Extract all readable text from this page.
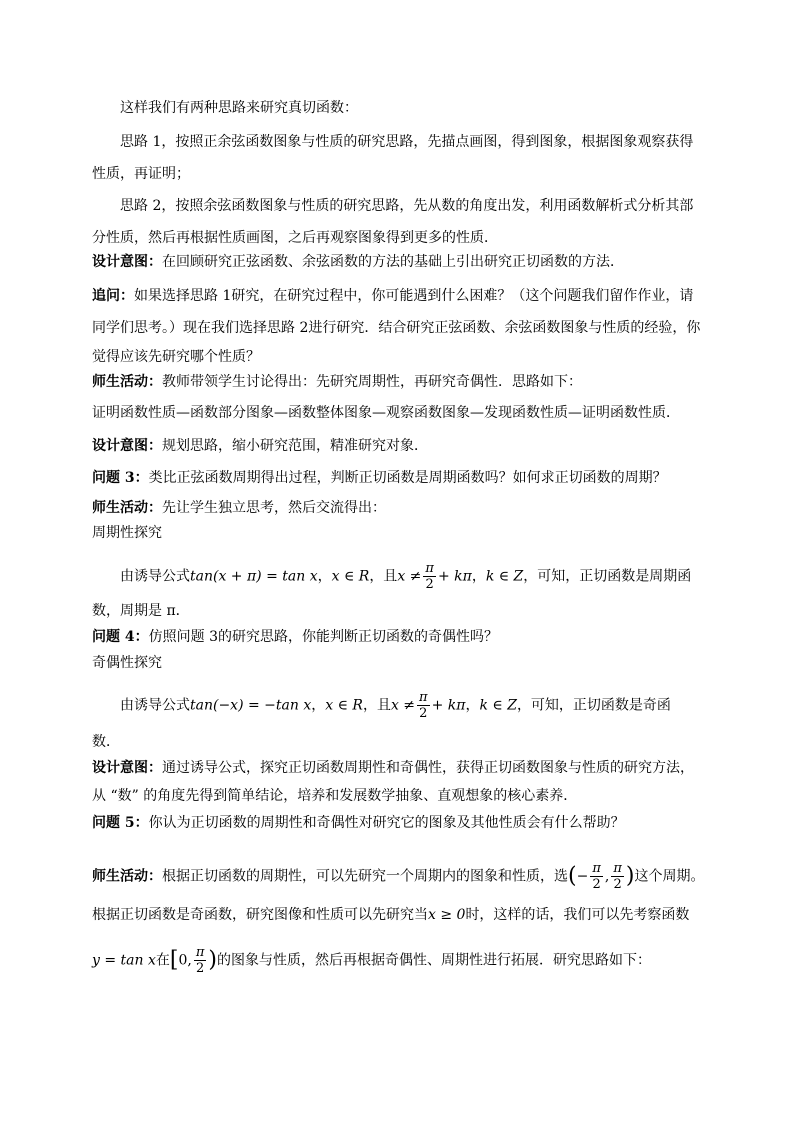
这样我们有两种思路来研究真切函数：
思路 1，按照正余弦函数图象与性质的研究思路，先描点画图，得到图象，根据图象观察获得
性质，再证明；
思路 2，按照余弦函数图象与性质的研究思路，先从数的角度出发，利用函数解析式分析其部
分性质，然后再根据性质画图，之后再观察图象得到更多的性质．
设计意图：在回顾研究正弦函数、余弦函数的方法的基础上引出研究正切函数的方法．
追问：如果选择思路 1研究，在研究过程中，你可能遇到什么困难？（这个问题我们留作作业，请
同学们思考。）现在我们选择思路 2进行研究．结合研究正弦函数、余弦函数图象与性质的经验，你
觉得应该先研究哪个性质？
师生活动：教师带领学生讨论得出：先研究周期性，再研究奇偶性．思路如下：
证明函数性质—函数部分图象—函数整体图象—观察函数图象—发现函数性质—证明函数性质．
设计意图：规划思路，缩小研究范围，精准研究对象．
问题 3：类比正弦函数周期得出过程，判断正切函数是周期函数吗？如何求正切函数的周期？
师生活动：先让学生独立思考，然后交流得出：
周期性探究
由诱导公式tan(x + π) = tan x，x ∈ R，且$x \ne \frac{\pi}{2} + k\pi$，k ∈ Z，可知，正切函数是周期函
数，周期是 π．
问题 4：仿照问题 3的研究思路，你能判断正切函数的奇偶性吗？
奇偶性探究
由诱导公式tan(−x) = −tan x，x ∈ R，且$x \ne \frac{\pi}{2} + k\pi$，k ∈ Z，可知，正切函数是奇函
数．
设计意图：通过诱导公式，探究正切函数周期性和奇偶性，获得正切函数图象与性质的研究方法，
从 “数” 的角度先得到简单结论，培养和发展数学抽象、直观想象的核心素养．
问题 5：你认为正切函数的周期性和奇偶性对研究它的图象及其他性质会有什么帮助？
师生活动：根据正切函数的周期性，可以先研究一个周期内的图象和性质，选(− $\frac{\pi}{2}$ , $\frac{\pi}{2}$ )这个周期。
根据正切函数是奇函数，研究图像和性质可以先研究当x ≥ 0时，这样的话，我们可以先考察函数
y = tan x在[0, $\frac{\pi}{2}$ )的图象与性质，然后再根据奇偶性、周期性进行拓展．研究思路如下：
